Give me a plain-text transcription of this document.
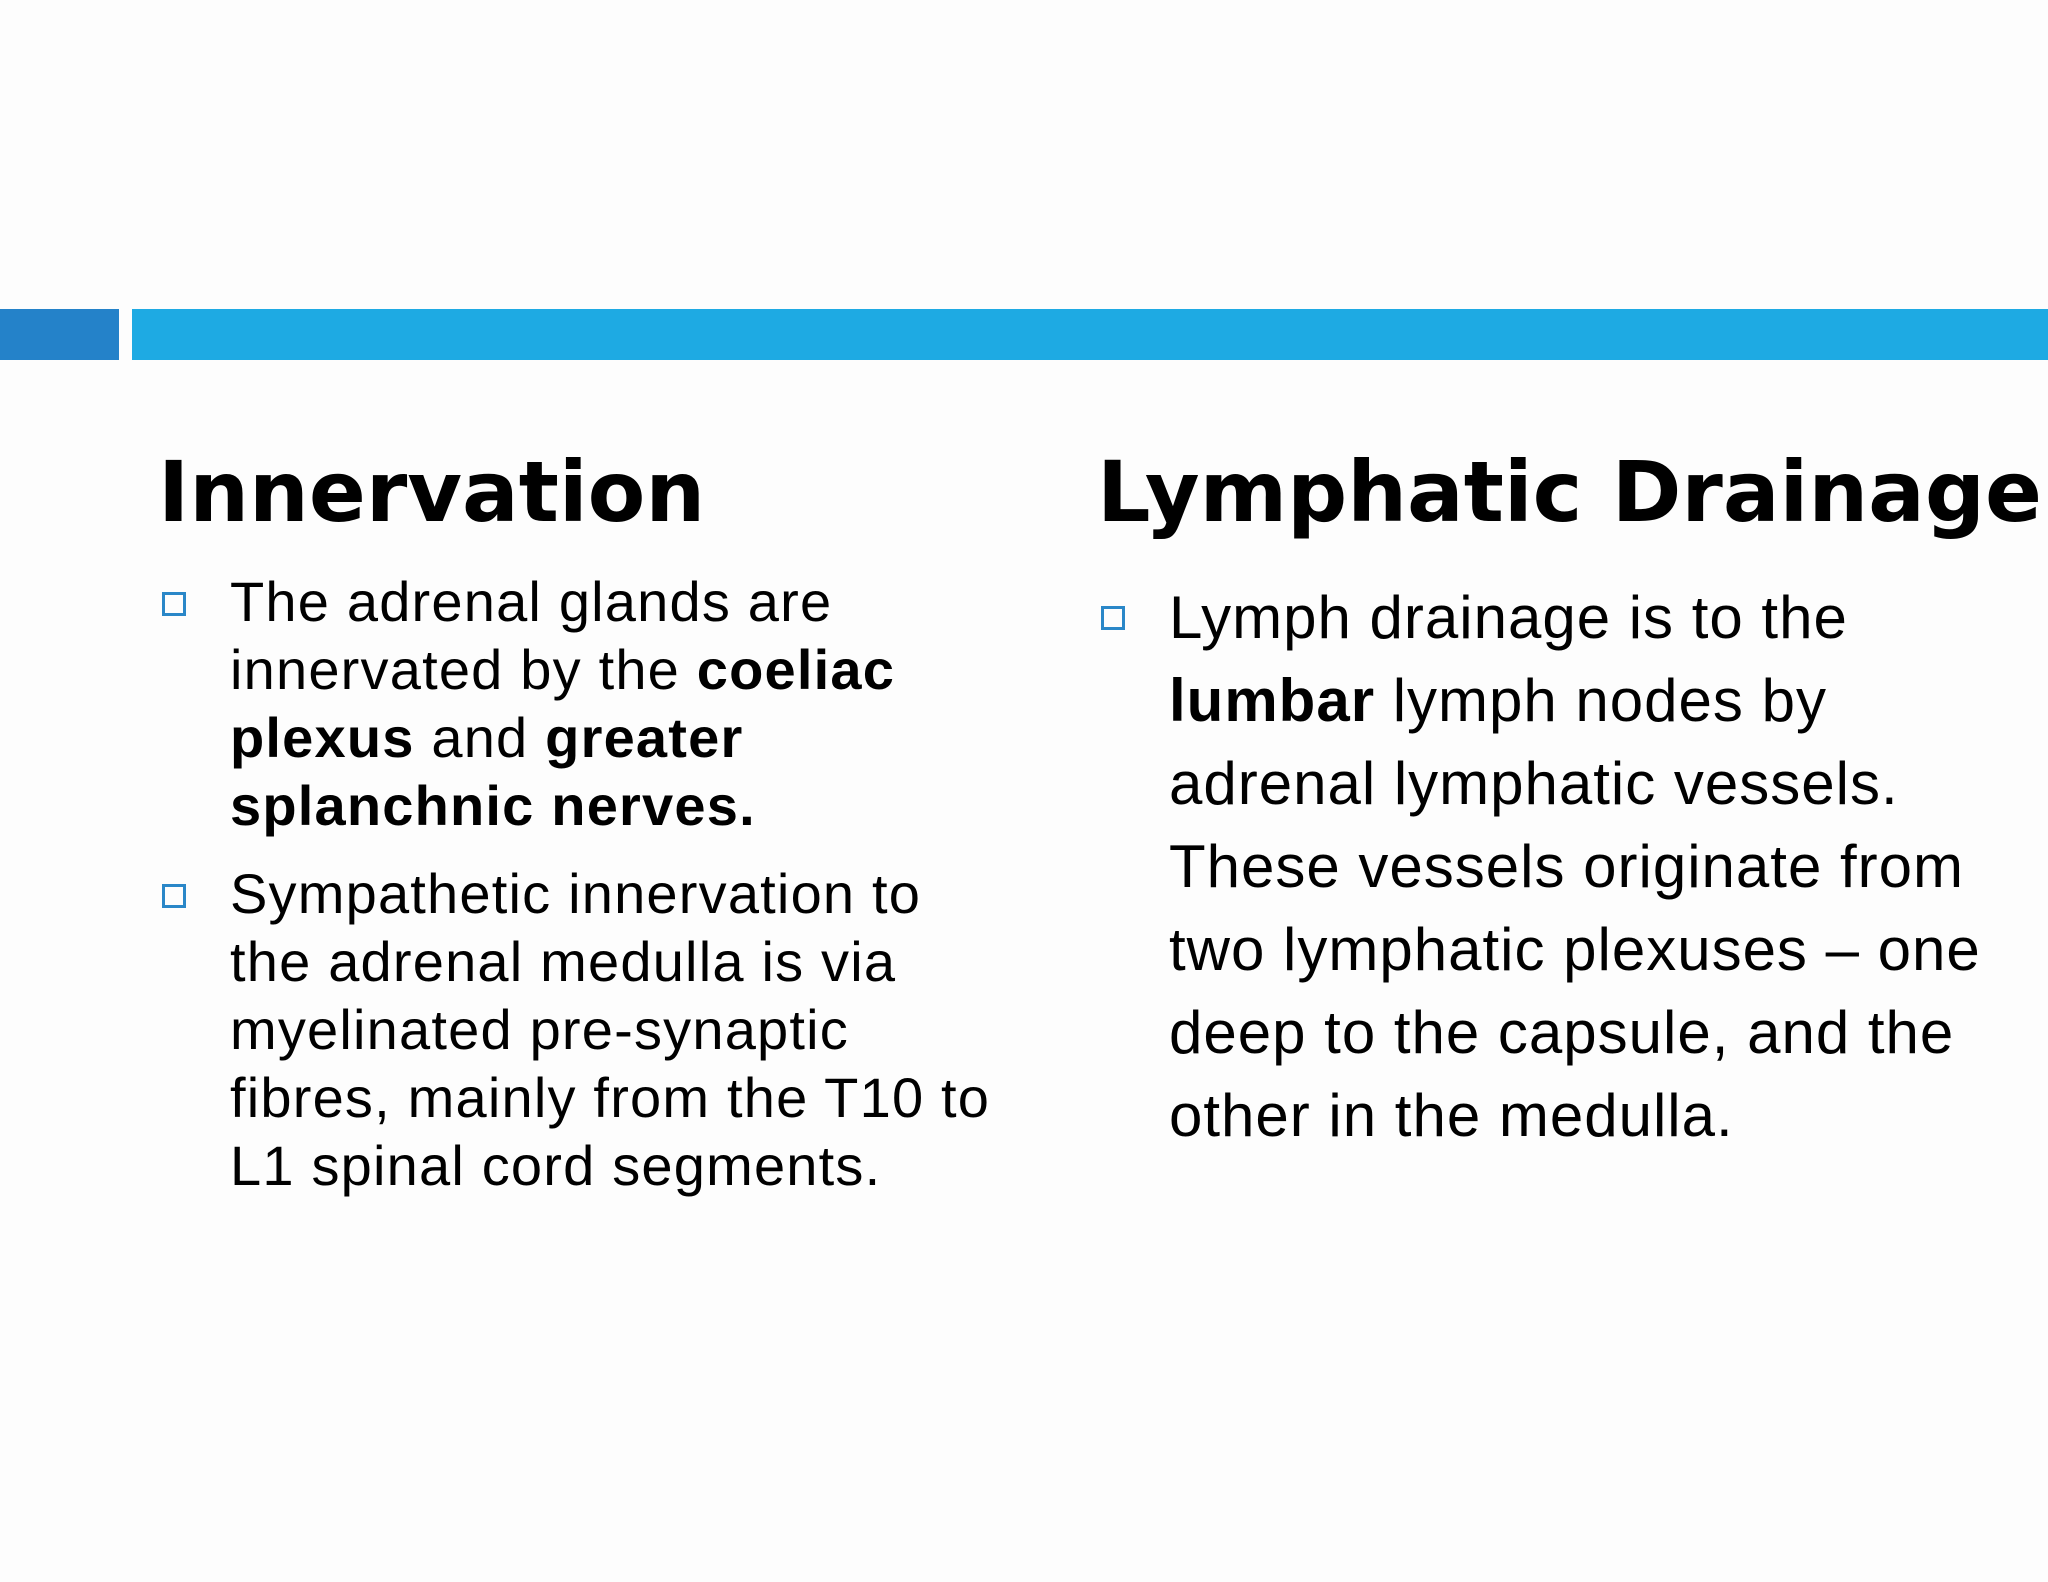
Innervation
The adrenal glands are innervated by the coeliac plexus and greater splanchnic nerves.
Sympathetic innervation to the adrenal medulla is via myelinated pre-synaptic fibres, mainly from the T10 to L1 spinal cord segments.
Lymphatic Drainage
Lymph drainage is to the lumbar lymph nodes by adrenal lymphatic vessels. These vessels originate from two lymphatic plexuses – one deep to the capsule, and the other in the medulla.
